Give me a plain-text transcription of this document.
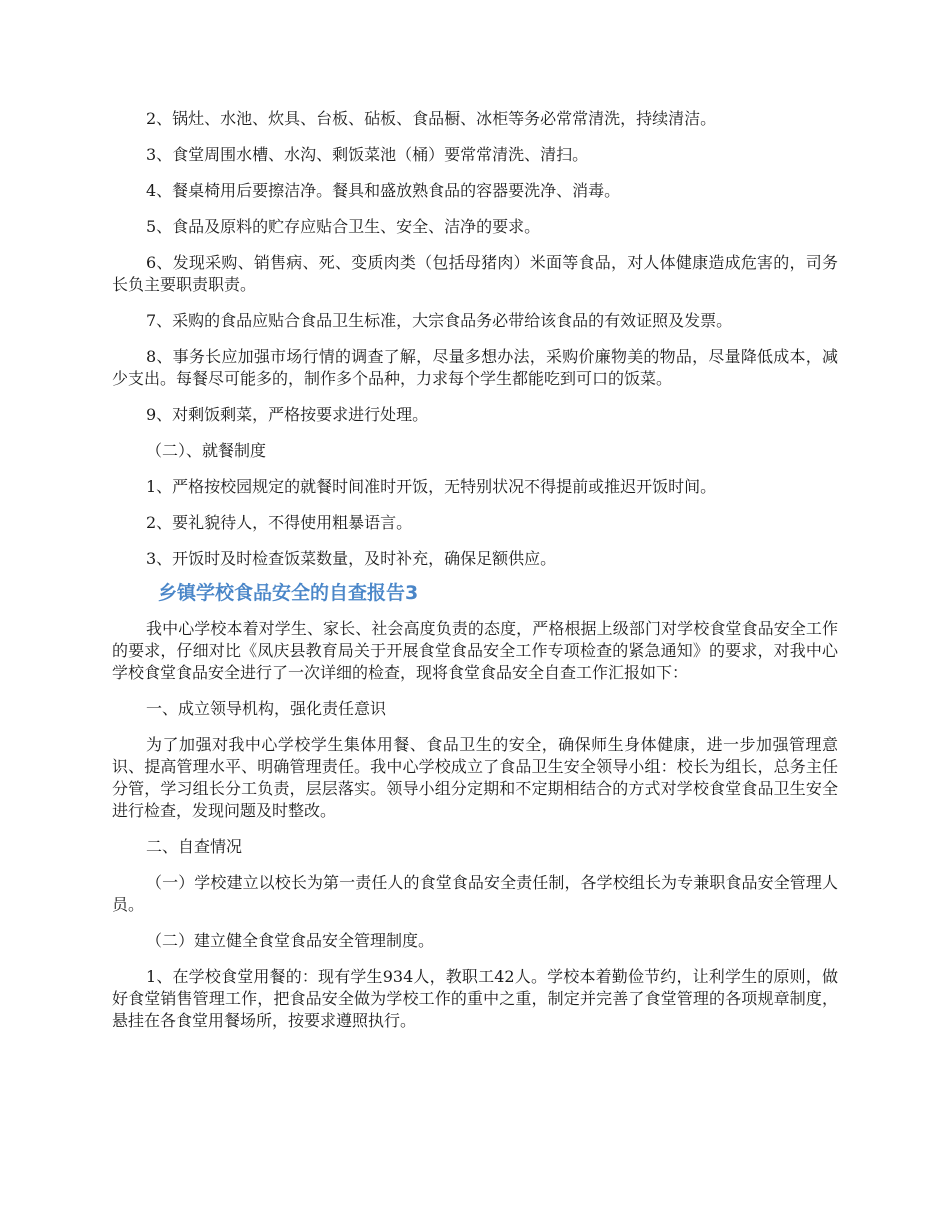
2、锅灶、水池、炊具、台板、砧板、食品橱、冰柜等务必常常清洗，持续清洁。

3、食堂周围水槽、水沟、剩饭菜池（桶）要常常清洗、清扫。

4、餐桌椅用后要擦洁净。餐具和盛放熟食品的容器要洗净、消毒。

5、食品及原料的贮存应贴合卫生、安全、洁净的要求。

6、发现采购、销售病、死、变质肉类（包括母猪肉）米面等食品，对人体健康造成危害的，司务长负主要职责职责。

7、采购的食品应贴合食品卫生标准，大宗食品务必带给该食品的有效证照及发票。

8、事务长应加强市场行情的调查了解，尽量多想办法，采购价廉物美的物品，尽量降低成本，减少支出。每餐尽可能多的，制作多个品种，力求每个学生都能吃到可口的饭菜。

9、对剩饭剩菜，严格按要求进行处理。

（二）、就餐制度

1、严格按校园规定的就餐时间准时开饭，无特别状况不得提前或推迟开饭时间。

2、要礼貌待人，不得使用粗暴语言。

3、开饭时及时检查饭菜数量，及时补充，确保足额供应。

乡镇学校食品安全的自查报告3

我中心学校本着对学生、家长、社会高度负责的态度，严格根据上级部门对学校食堂食品安全工作的要求，仔细对比《凤庆县教育局关于开展食堂食品安全工作专项检查的紧急通知》的要求，对我中心学校食堂食品安全进行了一次详细的检查，现将食堂食品安全自查工作汇报如下：

一、成立领导机构，强化责任意识

为了加强对我中心学校学生集体用餐、食品卫生的安全，确保师生身体健康，进一步加强管理意识、提高管理水平、明确管理责任。我中心学校成立了食品卫生安全领导小组：校长为组长，总务主任分管，学习组长分工负责，层层落实。领导小组分定期和不定期相结合的方式对学校食堂食品卫生安全进行检查，发现问题及时整改。

二、自查情况

（一）学校建立以校长为第一责任人的食堂食品安全责任制，各学校组长为专兼职食品安全管理人员。

（二）建立健全食堂食品安全管理制度。

1、在学校食堂用餐的：现有学生934人，教职工42人。学校本着勤俭节约，让利学生的原则，做好食堂销售管理工作，把食品安全做为学校工作的重中之重，制定并完善了食堂管理的各项规章制度，悬挂在各食堂用餐场所，按要求遵照执行。
